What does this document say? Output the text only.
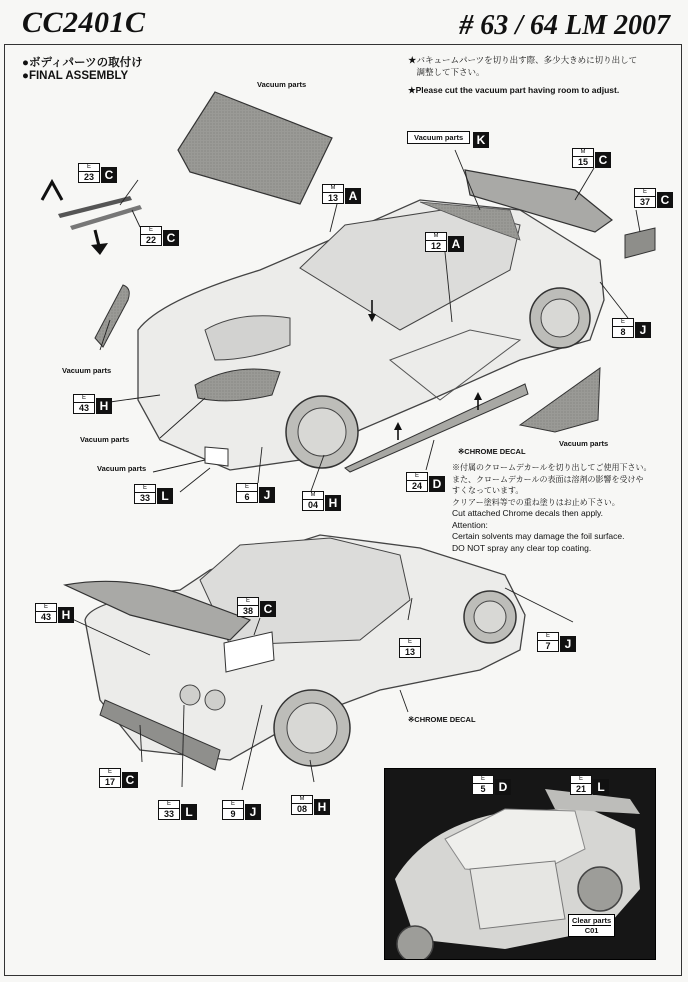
CC2401C	# 63 / 64 LM 2007
●ボディパーツの取付け
●FINAL ASSEMBLY
★バキュームパーツを切り出す際、多少大きめに切り出して
　調整して下さい。
★Please cut the vacuum part having room to adjust.
Vacuum parts
Vacuum parts
Vacuum parts
Vacuum parts
Vacuum parts
Vacuum parts
※CHROME DECAL
※付属のクロームデカールを切り出してご使用下さい。
また、クロームデカールの表面は溶剤の影響を受けや
すくなっています。
クリアー塗料等での重ね塗りはお止め下さい。
Cut attached Chrome decals then apply.
Attention:
Certain solvents may damage the foil surface.
DO NOT spray any clear top coating.
※CHROME DECAL
Clear parts
C01
E
23 C
E
22 C
M
13 A
M
12 A
K
M
15 C
E
37 C
E
8	J
E
43 H
E
33 L
E
6	J	M
04 H
E
24 D
E
43 H
E
38 C
E
13
E
7	J
E
17 C
E
33 L
E
9	J
M
08 H
E
5	D
E
21 L
